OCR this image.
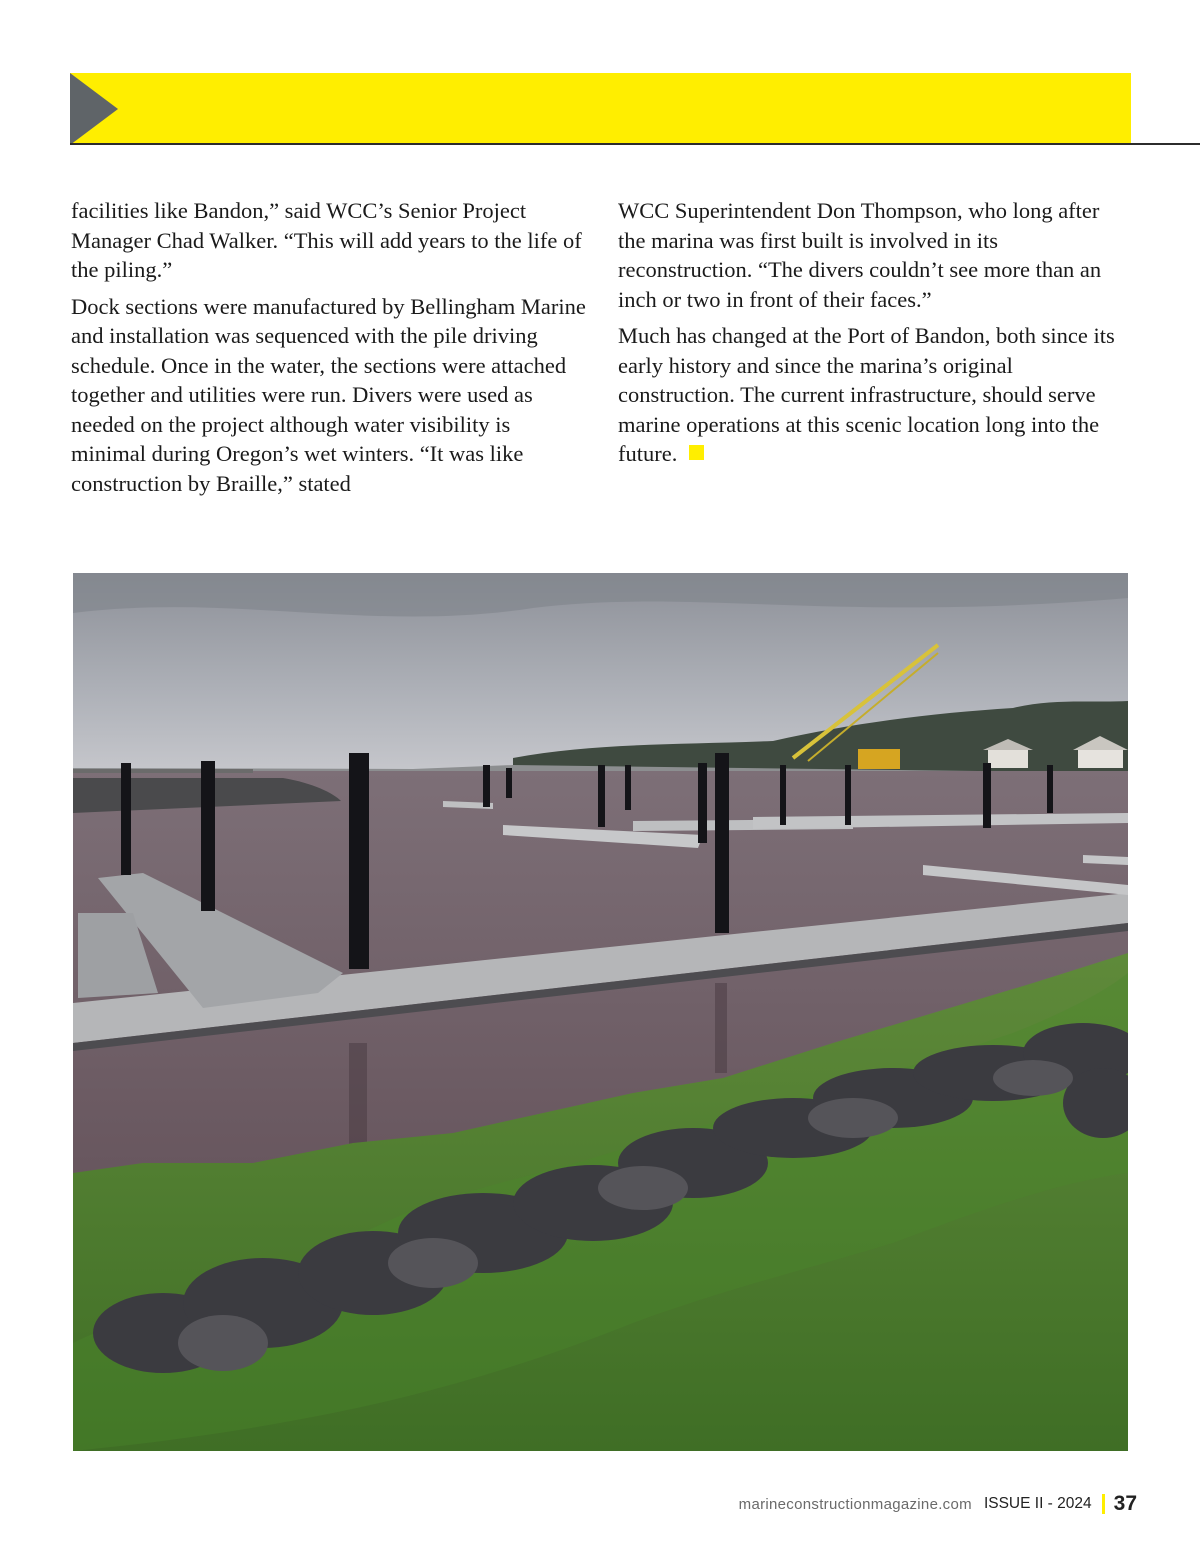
facilities like Bandon,” said WCC’s Senior Project Manager Chad Walker. “This will add years to the life of the piling.”

Dock sections were manufactured by Bellingham Marine and installation was sequenced with the pile driving schedule. Once in the water, the sections were attached together and utilities were run. Divers were used as needed on the project although water visibility is minimal during Oregon’s wet winters. “It was like construction by Braille,” stated

WCC Superintendent Don Thompson, who long after the marina was first built is involved in its reconstruction. “The divers couldn’t see more than an inch or two in front of their faces.”

Much has changed at the Port of Bandon, both since its early history and since the marina’s original construction. The current infrastructure, should serve marine operations at this scenic location long into the future.

marineconstructionmagazine.com ISSUE II - 2024 37
